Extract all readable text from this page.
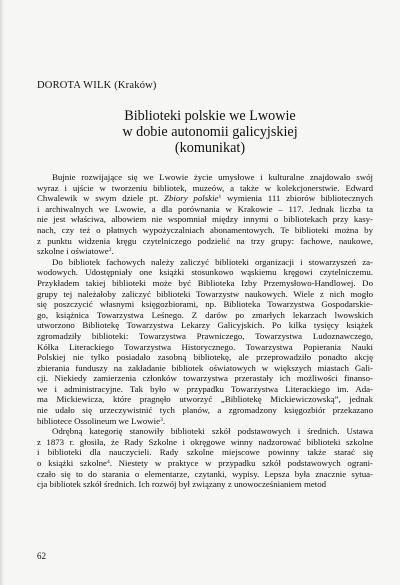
DOROTA WILK (Kraków)
Biblioteki polskie we Lwowie
w dobie autonomii galicyjskiej
(komunikat)
Bujnie rozwijające się we Lwowie życie umysłowe i kulturalne znajdowało swój
wyraz i ujście w tworzeniu bibliotek, muzeów, a także w kolekcjonerstwie. Edward
Chwalewik w swym dziele pt. Zbiory polskie$^1$ wymienia 111 zbiorów bibliotecznych
i archiwalnych we Lwowie, a dla porównania w Krakowie – 117. Jednak liczba ta
nie jest właściwa, albowiem nie wspomniał między innymi o bibliotekach przy kasy-
nach, czy też o płatnych wypożyczalniach abonamentowych. Te biblioteki można by
z punktu widzenia kręgu czytelniczego podzielić na trzy grupy: fachowe, naukowe,
szkolne i oświatowe$^2$.
Do bibliotek fachowych należy zaliczyć biblioteki organizacji i stowarzyszeń za-
wodowych. Udostępniały one książki stosunkowo wąskiemu kręgowi czytelniczemu.
Przykładem takiej biblioteki może być Biblioteka Izby Przemysłowo-Handlowej. Do
grupy tej należałoby zaliczyć biblioteki Towarzystw naukowych. Wiele z nich mogło
się poszczycić własnymi księgozbiorami, np. Biblioteka Towarzystwa Gospodarskie-
go, książnica Towarzystwa Leśnego. Z darów po zmarłych lekarzach lwowskich
utworzono Bibliotekę Towarzystwa Lekarzy Galicyjskich. Po kilka tysięcy książek
zgromadziły biblioteki: Towarzystwa Prawniczego, Towarzystwa Ludoznawczego,
Kółka Literackiego Towarzystwa Historycznego. Towarzystwa Popierania Nauki
Polskiej nie tylko posiadało zasobną bibliotekę, ale przeprowadziło ponadto akcję
zbierania funduszy na zakładanie bibliotek oświatowych w większych miastach Gali-
cji. Niekiedy zamierzenia członków towarzystwa przerastały ich możliwości finanso-
we i administracyjne. Tak było w przypadku Towarzystwa Literackiego im. Ada-
ma Mickiewicza, które pragnęło utworzyć „Bibliotekę Mickiewiczowską”, jednak
nie udało się urzeczywistnić tych planów, a zgromadzony księgozbiór przekazano
bibliotece Ossolineum we Lwowie$^3$.
Odrębną kategorię stanowiły biblioteki szkół podstawowych i średnich. Ustawa
z 1873 r. głosiła, że Rady Szkolne i okręgowe winny nadzorować biblioteki szkolne
i biblioteki dla nauczycieli. Rady szkolne miejscowe powinny także starać się
o książki szkolne$^4$. Niestety w praktyce w przypadku szkół podstawowych ograni-
czało się to do starania o elementarze, czytanki, wypisy. Lepsza była znacznie sytua-
cja bibliotek szkół średnich. Ich rozwój był związany z unowocześnianiem metod
62
